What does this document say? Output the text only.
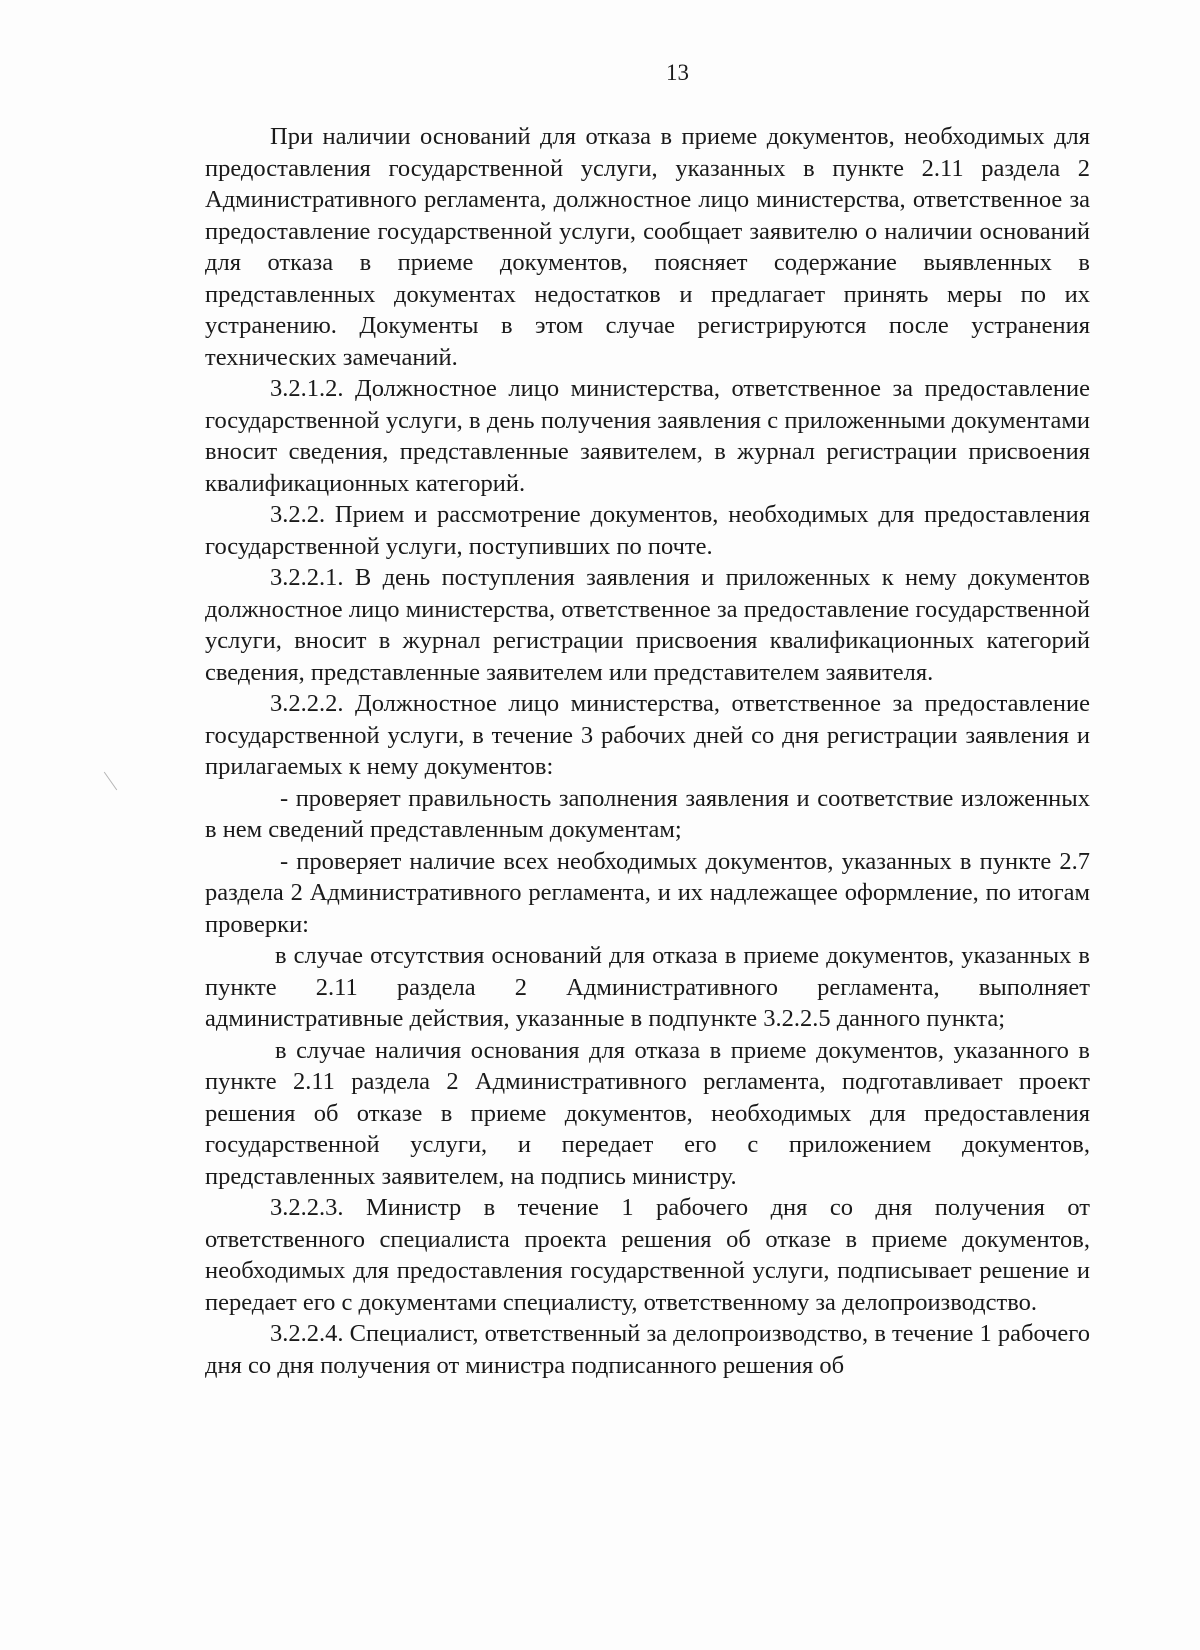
13

При наличии оснований для отказа в приеме документов, необходимых для предоставления государственной услуги, указанных в пункте 2.11 раздела 2 Административного регламента, должностное лицо министерства, ответственное за предоставление государственной услуги, сообщает заявителю о наличии оснований для отказа в приеме документов, поясняет содержание выявленных в представленных документах недостатков и предлагает принять меры по их устранению. Документы в этом случае регистрируются после устранения технических замечаний.

3.2.1.2. Должностное лицо министерства, ответственное за предоставление государственной услуги, в день получения заявления с приложенными документами вносит сведения, представленные заявителем, в журнал регистрации присвоения квалификационных категорий.

3.2.2. Прием и рассмотрение документов, необходимых для предоставления государственной услуги, поступивших по почте.

3.2.2.1. В день поступления заявления и приложенных к нему документов должностное лицо министерства, ответственное за предоставление государственной услуги, вносит в журнал регистрации присвоения квалификационных категорий сведения, представленные заявителем или представителем заявителя.

3.2.2.2. Должностное лицо министерства, ответственное за предоставление государственной услуги, в течение 3 рабочих дней со дня регистрации заявления и прилагаемых к нему документов:

- проверяет правильность заполнения заявления и соответствие изложенных в нем сведений представленным документам;

- проверяет наличие всех необходимых документов, указанных в пункте 2.7 раздела 2 Административного регламента, и их надлежащее оформление, по итогам проверки:

в случае отсутствия оснований для отказа в приеме документов, указанных в пункте 2.11 раздела 2 Административного регламента, выполняет административные действия, указанные в подпункте 3.2.2.5 данного пункта;

в случае наличия основания для отказа в приеме документов, указанного в пункте 2.11 раздела 2 Административного регламента, подготавливает проект решения об отказе в приеме документов, необходимых для предоставления государственной услуги, и передает его с приложением документов, представленных заявителем, на подпись министру.

3.2.2.3. Министр в течение 1 рабочего дня со дня получения от ответственного специалиста проекта решения об отказе в приеме документов, необходимых для предоставления государственной услуги, подписывает решение и передает его с документами специалисту, ответственному за делопроизводство.

3.2.2.4. Специалист, ответственный за делопроизводство, в течение 1 рабочего дня со дня получения от министра подписанного решения об
